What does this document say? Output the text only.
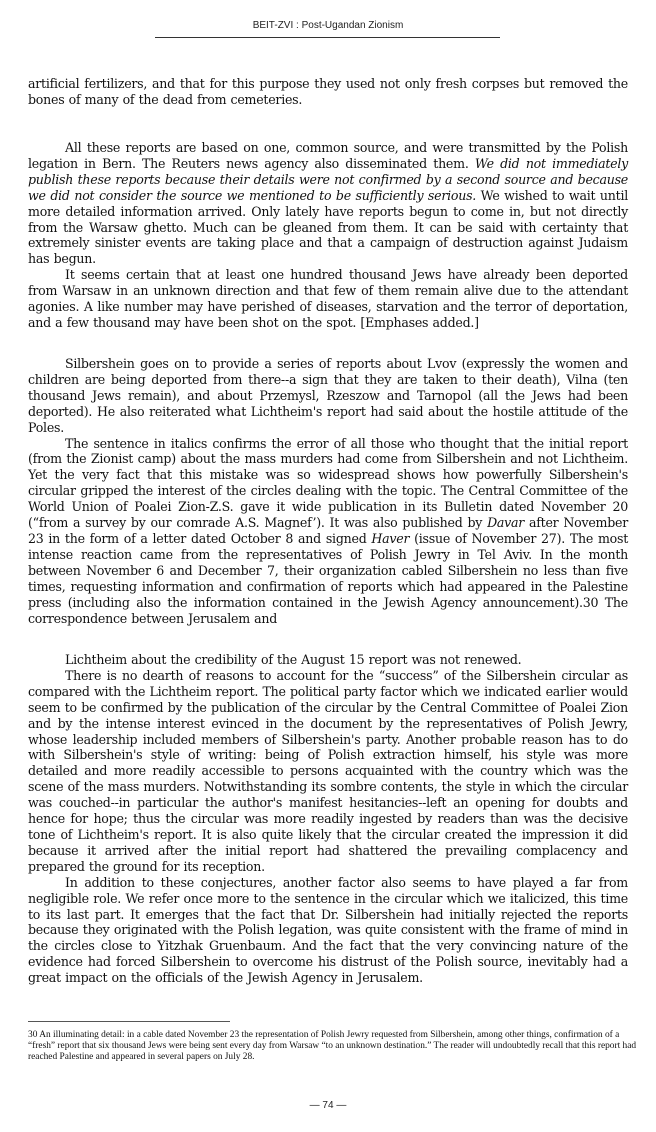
BEIT-ZVI : Post-Ugandan Zionism

artificial fertilizers, and that for this purpose they used not only fresh corpses but removed the bones of many of the dead from cemeteries.

All these reports are based on one, common source, and were transmitted by the Polish legation in Bern. The Reuters news agency also disseminated them. We did not immediately publish these reports because their details were not confirmed by a second source and because we did not consider the source we mentioned to be sufficiently serious. We wished to wait until more detailed information arrived. Only lately have reports begun to come in, but not directly from the Warsaw ghetto. Much can be gleaned from them. It can be said with certainty that extremely sinister events are taking place and that a campaign of destruction against Judaism has begun.

It seems certain that at least one hundred thousand Jews have already been deported from Warsaw in an unknown direction and that few of them remain alive due to the attendant agonies. A like number may have perished of diseases, starvation and the terror of deportation, and a few thousand may have been shot on the spot. [Emphases added.]

Silbershein goes on to provide a series of reports about Lvov (expressly the women and children are being deported from there--a sign that they are taken to their death), Vilna (ten thousand Jews remain), and about Przemysl, Rzeszow and Tarnopol (all the Jews had been deported). He also reiterated what Lichtheim's report had said about the hostile attitude of the Poles.

The sentence in italics confirms the error of all those who thought that the initial report (from the Zionist camp) about the mass murders had come from Silbershein and not Lichtheim. Yet the very fact that this mistake was so widespread shows how powerfully Silbershein's circular gripped the interest of the circles dealing with the topic. The Central Committee of the World Union of Poalei Zion-Z.S. gave it wide publication in its Bulletin dated November 20 (“from a survey by our comrade A.S. Magnef’). It was also published by Davar after November 23 in the form of a letter dated October 8 and signed Haver (issue of November 27). The most intense reaction came from the representatives of Polish Jewry in Tel Aviv. In the month between November 6 and December 7, their organization cabled Silbershein no less than five times, requesting information and confirmation of reports which had appeared in the Palestine press (including also the information contained in the Jewish Agency announcement).30 The correspondence between Jerusalem and

Lichtheim about the credibility of the August 15 report was not renewed.

There is no dearth of reasons to account for the “success” of the Silbershein circular as compared with the Lichtheim report. The political party factor which we indicated earlier would seem to be confirmed by the publication of the circular by the Central Committee of Poalei Zion and by the intense interest evinced in the document by the representatives of Polish Jewry, whose leadership included members of Silbershein's party. Another probable reason has to do with Silbershein's style of writing: being of Polish extraction himself, his style was more detailed and more readily accessible to persons acquainted with the country which was the scene of the mass murders. Notwithstanding its sombre contents, the style in which the circular was couched--in particular the author's manifest hesitancies--left an opening for doubts and hence for hope; thus the circular was more readily ingested by readers than was the decisive tone of Lichtheim's report. It is also quite likely that the circular created the impression it did because it arrived after the initial report had shattered the prevailing complacency and prepared the ground for its reception.

In addition to these conjectures, another factor also seems to have played a far from negligible role. We refer once more to the sentence in the circular which we italicized, this time to its last part. It emerges that the fact that Dr. Silbershein had initially rejected the reports because they originated with the Polish legation, was quite consistent with the frame of mind in the circles close to Yitzhak Gruenbaum. And the fact that the very convincing nature of the evidence had forced Silbershein to overcome his distrust of the Polish source, inevitably had a great impact on the officials of the Jewish Agency in Jerusalem.

30 An illuminating detail: in a cable dated November 23 the representation of Polish Jewry requested from Silbershein, among other things, confirmation of a “fresh” report that six thousand Jews were being sent every day from Warsaw “to an unknown destination.” The reader will undoubtedly recall that this report had reached Palestine and appeared in several papers on July 28.
— 74 —
